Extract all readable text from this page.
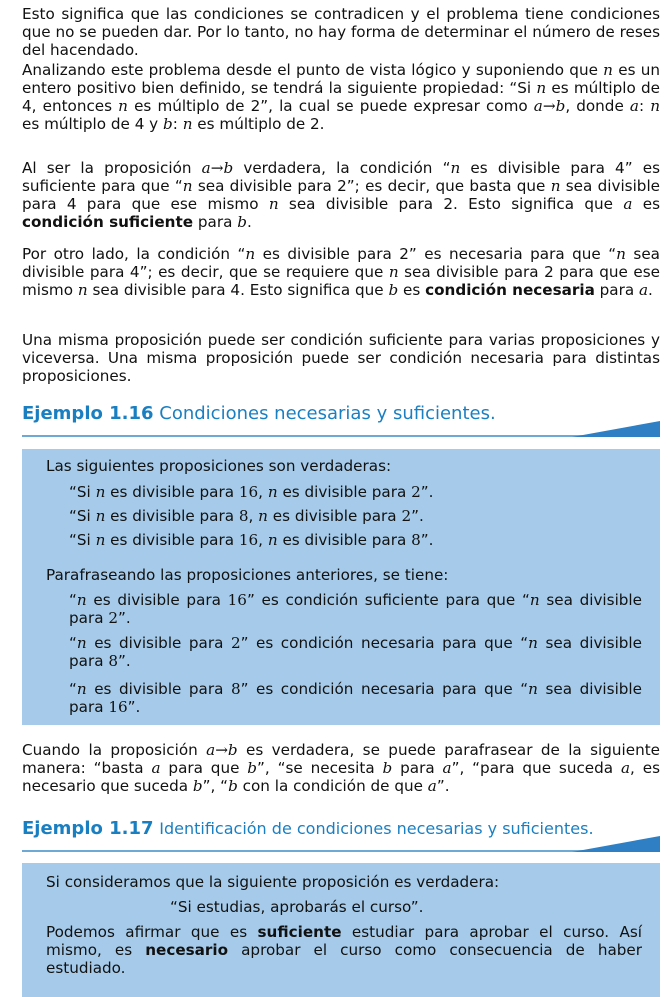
Esto significa que las condiciones se contradicen y el problema tiene condiciones que no se pueden dar. Por lo tanto, no hay forma de determinar el número de reses del hacendado.

Analizando este problema desde el punto de vista lógico y suponiendo que n es un entero positivo bien definido, se tendrá la siguiente propiedad: “Si n es múltiplo de 4, entonces n es múltiplo de 2”, la cual se puede expresar como a→b, donde a: n es múltiplo de 4 y b: n es múltiplo de 2.

Al ser la proposición a→b verdadera, la condición “n es divisible para 4” es suficiente para que “n sea divisible para 2”; es decir, que basta que n sea divisible para 4 para que ese mismo n sea divisible para 2. Esto significa que a es condición suficiente para b.

Por otro lado, la condición “n es divisible para 2” es necesaria para que “n sea divisible para 4”; es decir, que se requiere que n sea divisible para 2 para que ese mismo n sea divisible para 4. Esto significa que b es condición necesaria para a.

Una misma proposición puede ser condición suficiente para varias proposiciones y viceversa. Una misma proposición puede ser condición necesaria para distintas proposiciones.

Ejemplo 1.16 Condiciones necesarias y suficientes.
Las siguientes proposiciones son verdaderas:
“Si n es divisible para 16, n es divisible para 2”.
“Si n es divisible para 8, n es divisible para 2”.
“Si n es divisible para 16, n es divisible para 8”.
Parafraseando las proposiciones anteriores, se tiene:
“n es divisible para 16” es condición suficiente para que “n sea divisible para 2”.
“n es divisible para 2” es condición necesaria para que “n sea divisible para 8”.
“n es divisible para 8” es condición necesaria para que “n sea divisible para 16”.

Cuando la proposición a→b es verdadera, se puede parafrasear de la siguiente manera: “basta a para que b”, “se necesita b para a”, “para que suceda a, es necesario que suceda b”, “b con la condición de que a”.

Ejemplo 1.17 Identificación de condiciones necesarias y suficientes.
Si consideramos que la siguiente proposición es verdadera:
“Si estudias, aprobarás el curso”.
Podemos afirmar que es suficiente estudiar para aprobar el curso. Así mismo, es necesario aprobar el curso como consecuencia de haber estudiado.
